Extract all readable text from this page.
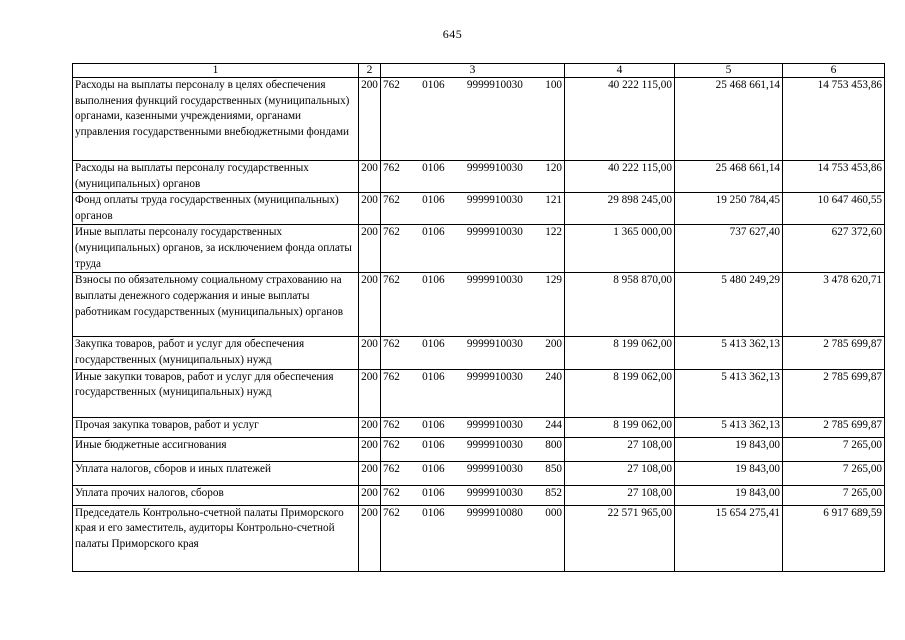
645
1	2	3	4	5	6
Расходы на выплаты персоналу в целях обеспечения выполнения функций государственных (муниципальных) органами, казенными учреждениями, органами управления государственными внебюджетными фондами	200	762 0106 9999910030 100	40 222 115,00	25 468 661,14	14 753 453,86
Расходы на выплаты персоналу государственных (муниципальных) органов	200	762 0106 9999910030 120	40 222 115,00	25 468 661,14	14 753 453,86
Фонд оплаты труда государственных (муниципальных) органов	200	762 0106 9999910030 121	29 898 245,00	19 250 784,45	10 647 460,55
Иные выплаты персоналу государственных (муниципальных) органов, за исключением фонда оплаты труда	200	762 0106 9999910030 122	1 365 000,00	737 627,40	627 372,60
Взносы по обязательному социальному страхованию на выплаты денежного содержания и иные выплаты работникам государственных (муниципальных) органов	200	762 0106 9999910030 129	8 958 870,00	5 480 249,29	3 478 620,71
Закупка товаров, работ и услуг для обеспечения государственных (муниципальных) нужд	200	762 0106 9999910030 200	8 199 062,00	5 413 362,13	2 785 699,87
Иные закупки товаров, работ и услуг для обеспечения государственных (муниципальных) нужд	200	762 0106 9999910030 240	8 199 062,00	5 413 362,13	2 785 699,87
Прочая закупка товаров, работ и услуг	200	762 0106 9999910030 244	8 199 062,00	5 413 362,13	2 785 699,87
Иные бюджетные ассигнования	200	762 0106 9999910030 800	27 108,00	19 843,00	7 265,00
Уплата налогов, сборов и иных платежей	200	762 0106 9999910030 850	27 108,00	19 843,00	7 265,00
Уплата прочих налогов, сборов	200	762 0106 9999910030 852	27 108,00	19 843,00	7 265,00
Председатель Контрольно-счетной палаты Приморского края и его заместитель, аудиторы Контрольно-счетной палаты Приморского края	200	762 0106 9999910080 000	22 571 965,00	15 654 275,41	6 917 689,59
